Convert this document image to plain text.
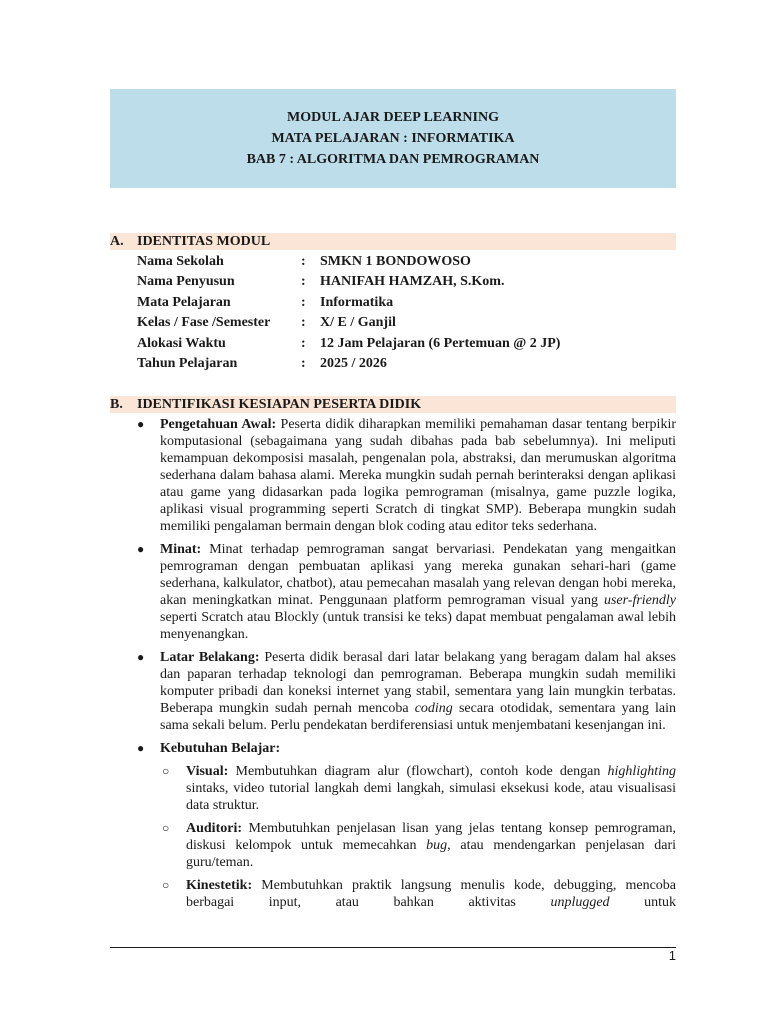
MODUL AJAR DEEP LEARNING
MATA PELAJARAN : INFORMATIKA
BAB 7 : ALGORITMA DAN PEMROGRAMAN
A. IDENTITAS MODUL
Nama Sekolah	: SMKN 1 BONDOWOSO
Nama Penyusun	: HANIFAH HAMZAH, S.Kom.
Mata Pelajaran	: Informatika
Kelas / Fase /Semester : X/ E / Ganjil
Alokasi Waktu	: 12 Jam Pelajaran (6 Pertemuan @ 2 JP)
Tahun Pelajaran	: 2025 / 2026
B. IDENTIFIKASI KESIAPAN PESERTA DIDIK
● Pengetahuan Awal: Peserta didik diharapkan memiliki pemahaman dasar tentang berpikir komputasional (sebagaimana yang sudah dibahas pada bab sebelumnya). Ini meliputi kemampuan dekomposisi masalah, pengenalan pola, abstraksi, dan merumuskan algoritma sederhana dalam bahasa alami. Mereka mungkin sudah pernah berinteraksi dengan aplikasi atau game yang didasarkan pada logika pemrograman (misalnya, game puzzle logika, aplikasi visual programming seperti Scratch di tingkat SMP). Beberapa mungkin sudah memiliki pengalaman bermain dengan blok coding atau editor teks sederhana.

● Minat: Minat terhadap pemrograman sangat bervariasi. Pendekatan yang mengaitkan pemrograman dengan pembuatan aplikasi yang mereka gunakan sehari-hari (game sederhana, kalkulator, chatbot), atau pemecahan masalah yang relevan dengan hobi mereka, akan meningkatkan minat. Penggunaan platform pemrograman visual yang user-friendly seperti Scratch atau Blockly (untuk transisi ke teks) dapat membuat pengalaman awal lebih menyenangkan.

● Latar Belakang: Peserta didik berasal dari latar belakang yang beragam dalam hal akses dan paparan terhadap teknologi dan pemrograman. Beberapa mungkin sudah memiliki komputer pribadi dan koneksi internet yang stabil, sementara yang lain mungkin terbatas. Beberapa mungkin sudah pernah mencoba coding secara otodidak, sementara yang lain sama sekali belum. Perlu pendekatan berdiferensiasi untuk menjembatani kesenjangan ini.

● Kebutuhan Belajar:

○ Visual: Membutuhkan diagram alur (flowchart), contoh kode dengan highlighting sintaks, video tutorial langkah demi langkah, simulasi eksekusi kode, atau visualisasi data struktur.

○ Auditori: Membutuhkan penjelasan lisan yang jelas tentang konsep pemrograman, diskusi kelompok untuk memecahkan bug, atau mendengarkan penjelasan dari guru/teman.

○ Kinestetik: Membutuhkan praktik langsung menulis kode, debugging, mencoba berbagai input, atau bahkan aktivitas unplugged untuk

1
